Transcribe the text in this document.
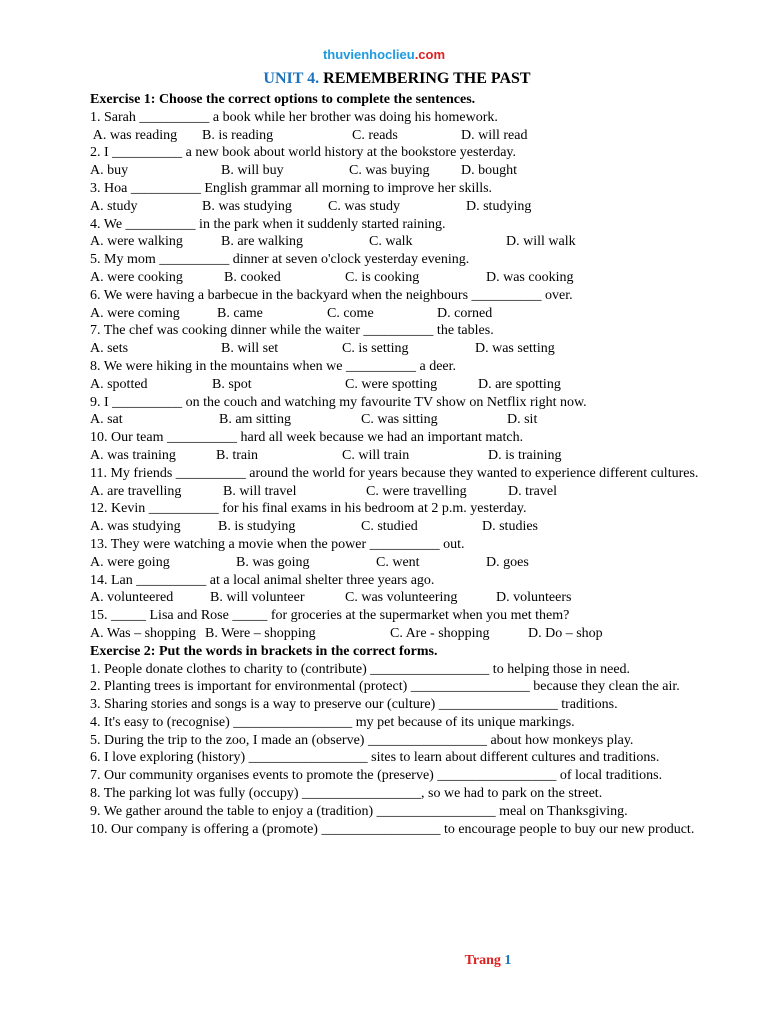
thuvienhoclieu.com
UNIT 4. REMEMBERING THE PAST
Exercise 1: Choose the correct options to complete the sentences.
1. Sarah __________ a book while her brother was doing his homework.
A. was reading B. is reading	C. reads	D. will read
2. I __________ a new book about world history at the bookstore yesterday.
A. buy	B. will buy	C. was buying D. bought
3. Hoa __________ English grammar all morning to improve her skills.
A. study	B. was studying	C. was study	D. studying
4. We __________ in the park when it suddenly started raining.
A. were walking	B. are walking	C. walk	D. will walk
5. My mom __________ dinner at seven o'clock yesterday evening.
A. were cooking	B. cooked	C. is cooking	D. was cooking
6. We were having a barbecue in the backyard when the neighbours __________ over.
A. were coming	B. came	C. come	D. corned
7. The chef was cooking dinner while the waiter __________ the tables.
A. sets	B. will set	C. is setting	D. was setting
8. We were hiking in the mountains when we __________ a deer.
A. spotted	B. spot	C. were spotting	D. are spotting
9. I __________ on the couch and watching my favourite TV show on Netflix right now.
A. sat	B. am sitting	C. was sitting	D. sit
10. Our team __________ hard all week because we had an important match.
A. was training	B. train	C. will train	D. is training
11. My friends __________ around the world for years because they wanted to experience different cultures.
A. are travelling	B. will travel	C. were travelling	D. travel
12. Kevin __________ for his final exams in his bedroom at 2 p.m. yesterday.
A. was studying	B. is studying	C. studied	D. studies
13. They were watching a movie when the power __________ out.
A. were going	B. was going	C. went	D. goes
14. Lan __________ at a local animal shelter three years ago.
A. volunteered	B. will volunteer	C. was volunteering	D. volunteers
15. _____ Lisa and Rose _____ for groceries at the supermarket when you met them?
A. Was – shopping B. Were – shopping	C. Are - shopping	D. Do – shop
Exercise 2: Put the words in brackets in the correct forms.
1. People donate clothes to charity to (contribute) _________________ to helping those in need.
2. Planting trees is important for environmental (protect) _________________ because they clean the air.
3. Sharing stories and songs is a way to preserve our (culture) _________________ traditions.
4. It's easy to (recognise) _________________ my pet because of its unique markings.
5. During the trip to the zoo, I made an (observe) _________________ about how monkeys play.
6. I love exploring (history) _________________ sites to learn about different cultures and traditions.
7. Our community organises events to promote the (preserve) _________________ of local traditions.
8. The parking lot was fully (occupy) _________________, so we had to park on the street.
9. We gather around the table to enjoy a (tradition) _________________ meal on Thanksgiving.
10. Our company is offering a (promote) _________________ to encourage people to buy our new product.
Trang 1
